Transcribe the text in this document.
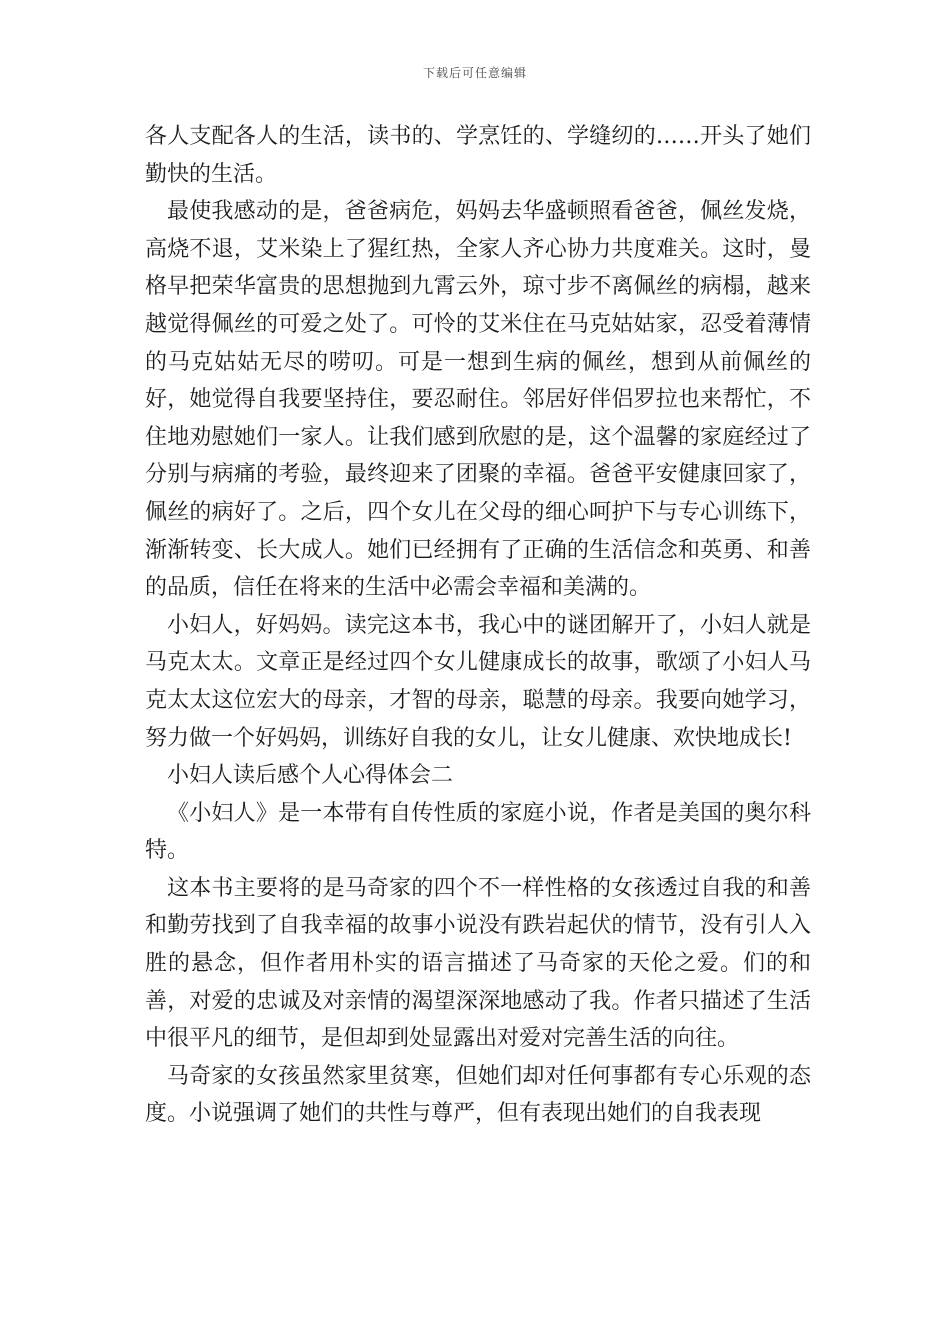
下载后可任意编辑

各人支配各人的生活，读书的、学烹饪的、学缝纫的……开头了她们勤快的生活。

最使我感动的是，爸爸病危，妈妈去华盛顿照看爸爸，佩丝发烧，高烧不退，艾米染上了猩红热，全家人齐心协力共度难关。这时，曼格早把荣华富贵的思想抛到九霄云外，琼寸步不离佩丝的病榻，越来越觉得佩丝的可爱之处了。可怜的艾米住在马克姑姑家，忍受着薄情的马克姑姑无尽的唠叨。可是一想到生病的佩丝，想到从前佩丝的好，她觉得自我要坚持住，要忍耐住。邻居好伴侣罗拉也来帮忙，不住地劝慰她们一家人。让我们感到欣慰的是，这个温馨的家庭经过了分别与病痛的考验，最终迎来了团聚的幸福。爸爸平安健康回家了，佩丝的病好了。之后，四个女儿在父母的细心呵护下与专心训练下，渐渐转变、长大成人。她们已经拥有了正确的生活信念和英勇、和善的品质，信任在将来的生活中必需会幸福和美满的。

小妇人，好妈妈。读完这本书，我心中的谜团解开了，小妇人就是马克太太。文章正是经过四个女儿健康成长的故事，歌颂了小妇人马克太太这位宏大的母亲，才智的母亲，聪慧的母亲。我要向她学习，努力做一个好妈妈，训练好自我的女儿，让女儿健康、欢快地成长!

小妇人读后感个人心得体会二

《小妇人》是一本带有自传性质的家庭小说，作者是美国的奥尔科特。

这本书主要将的是马奇家的四个不一样性格的女孩透过自我的和善和勤劳找到了自我幸福的故事小说没有跌岩起伏的情节，没有引人入胜的悬念，但作者用朴实的语言描述了马奇家的天伦之爱。们的和善，对爱的忠诚及对亲情的渴望深深地感动了我。作者只描述了生活中很平凡的细节，是但却到处显露出对爱对完善生活的向往。

马奇家的女孩虽然家里贫寒，但她们却对任何事都有专心乐观的态度。小说强调了她们的共性与尊严，但有表现出她们的自我表现
